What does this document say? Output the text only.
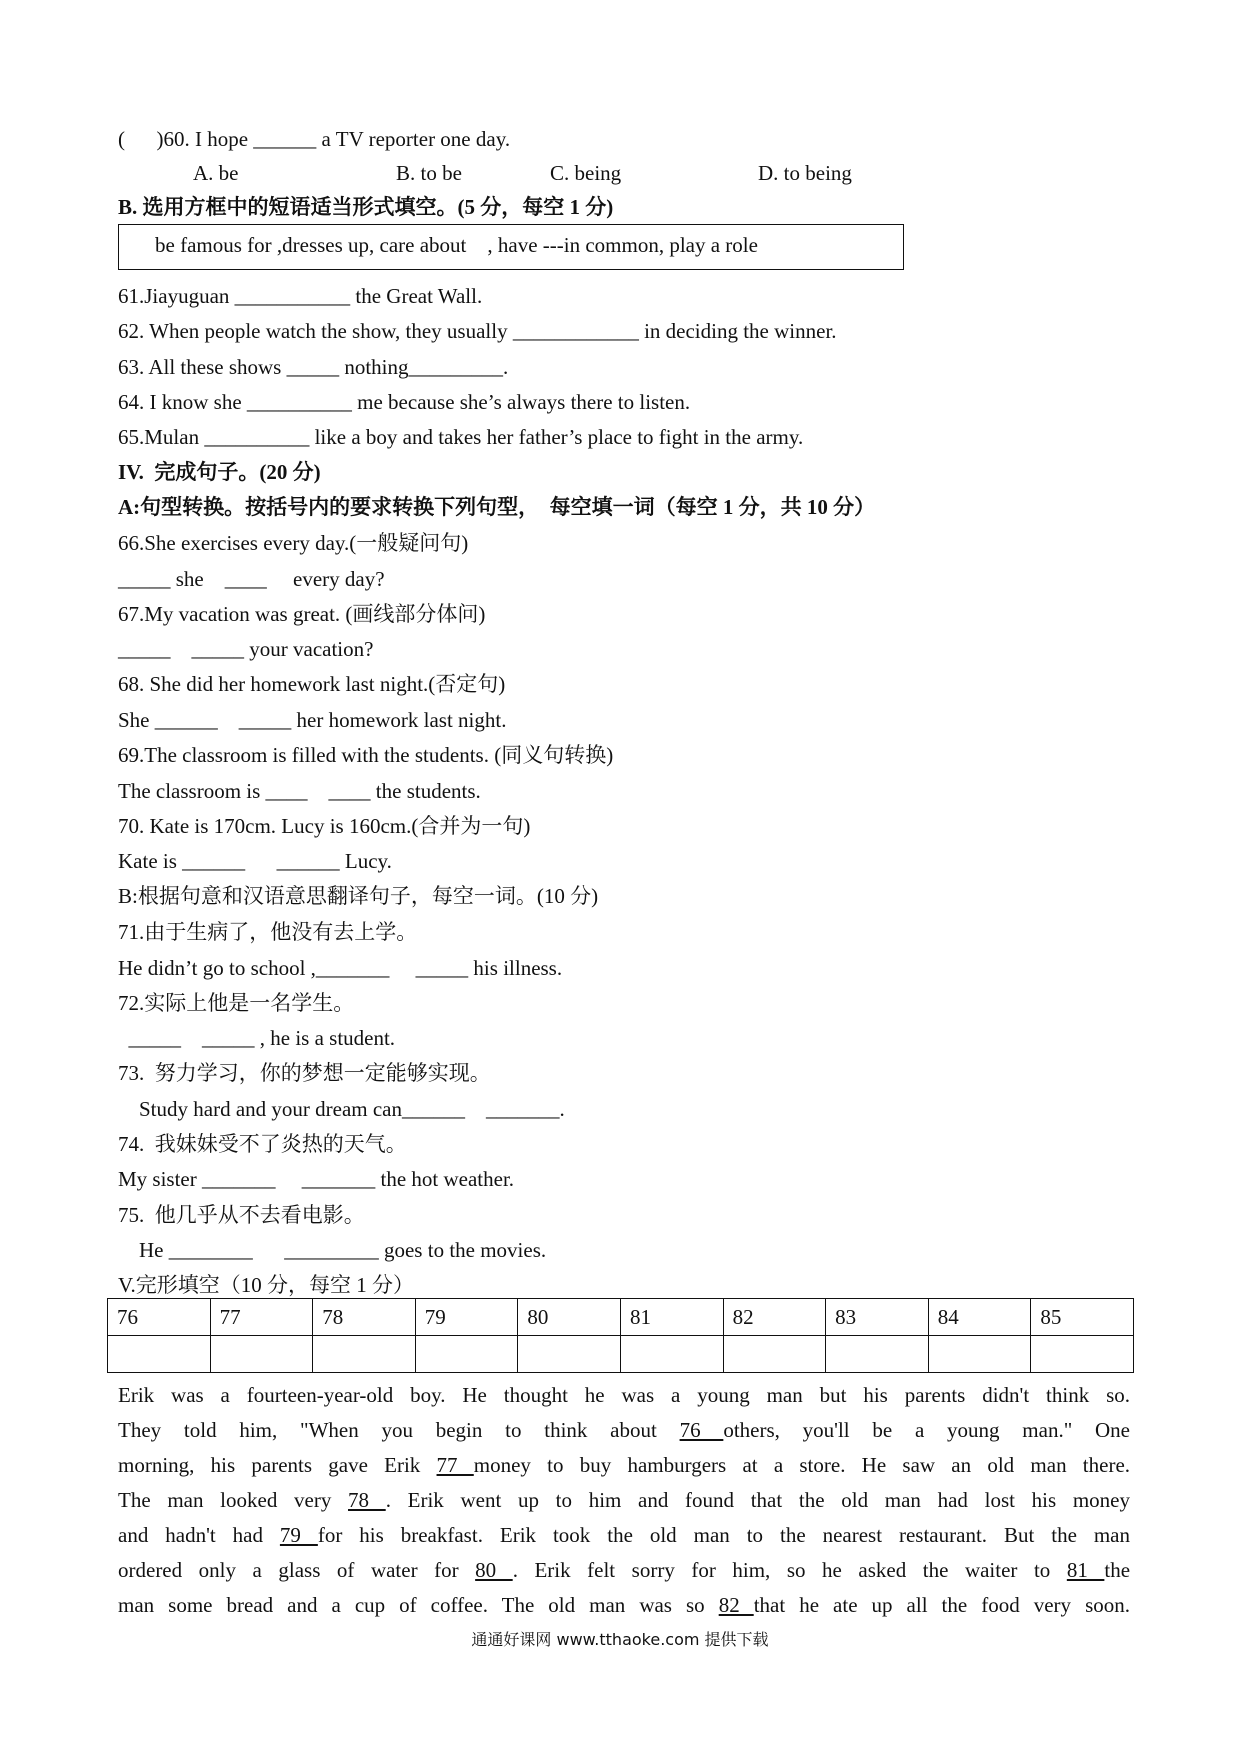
(      )60. I hope ______ a TV reporter one day.
A. be	B. to be	C. being	D. to being
B. 选用方框中的短语适当形式填空。(5 分，每空 1 分)
be famous for ,dresses up, care about    , have ---in common, play a role
61.Jiayuguan ___________ the Great Wall.
62. When people watch the show, they usually ____________ in deciding the winner.
63. All these shows _____ nothing_________.
64. I know she __________ me because she’s always there to listen.
65.Mulan __________ like a boy and takes her father’s place to fight in the army.
IV.  完成句子。(20 分)
A:句型转换。按括号内的要求转换下列句型，  每空填一词（每空 1 分，共 10 分）
66.She exercises every day.(一般疑问句)
_____ she    ____     every day?
67.My vacation was great. (画线部分体问)
_____    _____ your vacation?
68. She did her homework last night.(否定句)
She ______    _____ her homework last night.
69.The classroom is filled with the students. (同义句转换)
The classroom is ____    ____ the students.
70. Kate is 170cm. Lucy is 160cm.(合并为一句)
Kate is ______      ______ Lucy.
B:根据句意和汉语意思翻译句子，每空一词。(10 分)
71.由于生病了，他没有去上学。
He didn’t go to school ,_______     _____ his illness.
72.实际上他是一名学生。
_____    _____ , he is a student.
73.  努力学习，你的梦想一定能够实现。
Study hard and your dream can______    _______.
74.  我妹妹受不了炎热的天气。
My sister _______     _______ the hot weather.
75.  他几乎从不去看电影。
He ________      _________ goes to the movies.
V.完形填空（10 分，每空 1 分）
76	77	78	79	80	81	82	83	84	85

Erik was a fourteen-year-old boy. He thought he was a young man but his parents didn't think so.
They told him, "When you begin to think about 76 others, you'll be a young man." One
morning, his parents gave Erik 77 money to buy hamburgers at a store. He saw an old man there.
The man looked very 78 . Erik went up to him and found that the old man had lost his money
and hadn't had 79 for his breakfast. Erik took the old man to the nearest restaurant. But the man
ordered only a glass of water for 80 . Erik felt sorry for him, so he asked the waiter to 81 the
man some bread and a cup of coffee. The old man was so 82 that he ate up all the food very soon.
通通好课网 www.tthaoke.com 提供下载
